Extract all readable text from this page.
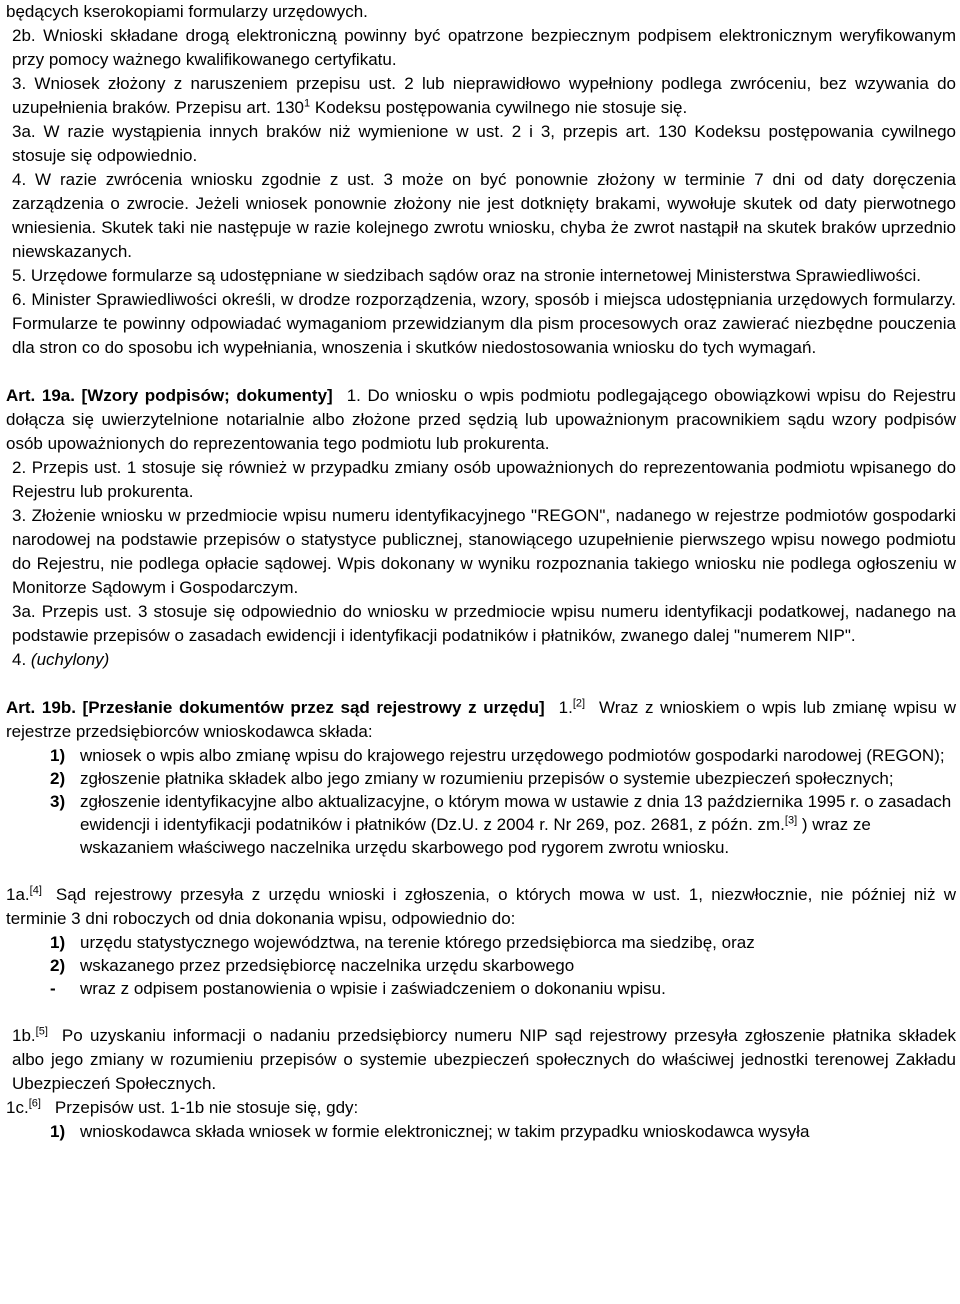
będących kserokopiami formularzy urzędowych.

2b. Wnioski składane drogą elektroniczną powinny być opatrzone bezpiecznym podpisem elektronicznym weryfikowanym przy pomocy ważnego kwalifikowanego certyfikatu.

3. Wniosek złożony z naruszeniem przepisu ust. 2 lub nieprawidłowo wypełniony podlega zwróceniu, bez wzywania do uzupełnienia braków. Przepisu art. $130^1$ Kodeksu postępowania cywilnego nie stosuje się.

3a. W razie wystąpienia innych braków niż wymienione w ust. 2 i 3, przepis art. 130 Kodeksu postępowania cywilnego stosuje się odpowiednio.

4. W razie zwrócenia wniosku zgodnie z ust. 3 może on być ponownie złożony w terminie 7 dni od daty doręczenia zarządzenia o zwrocie. Jeżeli wniosek ponownie złożony nie jest dotknięty brakami, wywołuje skutek od daty pierwotnego wniesienia. Skutek taki nie następuje w razie kolejnego zwrotu wniosku, chyba że zwrot nastąpił na skutek braków uprzednio niewskazanych.

5. Urzędowe formularze są udostępniane w siedzibach sądów oraz na stronie internetowej Ministerstwa Sprawiedliwości.

6. Minister Sprawiedliwości określi, w drodze rozporządzenia, wzory, sposób i miejsca udostępniania urzędowych formularzy. Formularze te powinny odpowiadać wymaganiom przewidzianym dla pism procesowych oraz zawierać niezbędne pouczenia dla stron co do sposobu ich wypełniania, wnoszenia i skutków niedostosowania wniosku do tych wymagań.

Art. 19a. [Wzory podpisów; dokumenty] 1. Do wniosku o wpis podmiotu podlegającego obowiązkowi wpisu do Rejestru dołącza się uwierzytelnione notarialnie albo złożone przed sędzią lub upoważnionym pracownikiem sądu wzory podpisów osób upoważnionych do reprezentowania tego podmiotu lub prokurenta.

2. Przepis ust. 1 stosuje się również w przypadku zmiany osób upoważnionych do reprezentowania podmiotu wpisanego do Rejestru lub prokurenta.

3. Złożenie wniosku w przedmiocie wpisu numeru identyfikacyjnego "REGON", nadanego w rejestrze podmiotów gospodarki narodowej na podstawie przepisów o statystyce publicznej, stanowiącego uzupełnienie pierwszego wpisu nowego podmiotu do Rejestru, nie podlega opłacie sądowej. Wpis dokonany w wyniku rozpoznania takiego wniosku nie podlega ogłoszeniu w Monitorze Sądowym i Gospodarczym.

3a. Przepis ust. 3 stosuje się odpowiednio do wniosku w przedmiocie wpisu numeru identyfikacji podatkowej, nadanego na podstawie przepisów o zasadach ewidencji i identyfikacji podatników i płatników, zwanego dalej "numerem NIP".

4. (uchylony)

Art. 19b. [Przesłanie dokumentów przez sąd rejestrowy z urzędu] 1.[2] Wraz z wnioskiem o wpis lub zmianę wpisu w rejestrze przedsiębiorców wnioskodawca składa:

1) wniosek o wpis albo zmianę wpisu do krajowego rejestru urzędowego podmiotów gospodarki narodowej (REGON);
2) zgłoszenie płatnika składek albo jego zmiany w rozumieniu przepisów o systemie ubezpieczeń społecznych;
3) zgłoszenie identyfikacyjne albo aktualizacyjne, o którym mowa w ustawie z dnia 13 października 1995 r. o zasadach ewidencji i identyfikacji podatników i płatników (Dz.U. z 2004 r. Nr 269, poz. 2681, z późn. zm.[3] ) wraz ze wskazaniem właściwego naczelnika urzędu skarbowego pod rygorem zwrotu wniosku.

1a.[4] Sąd rejestrowy przesyła z urzędu wnioski i zgłoszenia, o których mowa w ust. 1, niezwłocznie, nie później niż w terminie 3 dni roboczych od dnia dokonania wpisu, odpowiednio do:

1) urzędu statystycznego województwa, na terenie którego przedsiębiorca ma siedzibę, oraz
2) wskazanego przez przedsiębiorcę naczelnika urzędu skarbowego
-	wraz z odpisem postanowienia o wpisie i zaświadczeniem o dokonaniu wpisu.

1b.[5] Po uzyskaniu informacji o nadaniu przedsiębiorcy numeru NIP sąd rejestrowy przesyła zgłoszenie płatnika składek albo jego zmiany w rozumieniu przepisów o systemie ubezpieczeń społecznych do właściwej jednostki terenowej Zakładu Ubezpieczeń Społecznych.

1c.[6] Przepisów ust. 1-1b nie stosuje się, gdy:

1) wnioskodawca składa wniosek w formie elektronicznej; w takim przypadku wnioskodawca wysyła
